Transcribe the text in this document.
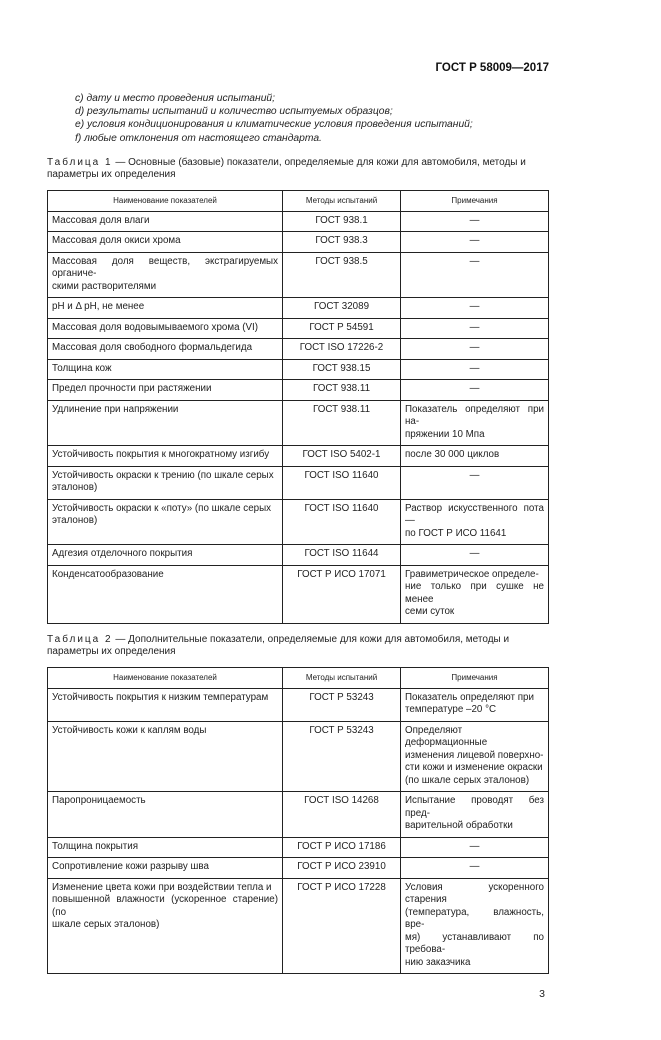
ГОСТ Р 58009—2017
c) дату и место проведения испытаний;
d) результаты испытаний и количество испытуемых образцов;
e) условия кондиционирования и климатические условия проведения испытаний;
f) любые отклонения от настоящего стандарта.
Таблица 1 — Основные (базовые) показатели, определяемые для кожи для автомобиля, методы и параметры их определения
Наименование показателей	Методы испытаний	Примечания
Массовая доля влаги	ГОСТ 938.1	—
Массовая доля окиси хрома	ГОСТ 938.3	—
Массовая доля веществ, экстрагируемых органиче-
скими растворителями	ГОСТ 938.5	—
pH и Δ pH, не менее	ГОСТ 32089	—
Массовая доля водовымываемого хрома (VI)	ГОСТ Р 54591	—
Массовая доля свободного формальдегида	ГОСТ ISO 17226-2	—
Толщина кож	ГОСТ 938.15	—
Предел прочности при растяжении	ГОСТ 938.11	—
Удлинение при напряжении	ГОСТ 938.11	Показатель определяют при на-
пряжении 10 Мпа
Устойчивость покрытия к многократному изгибу	ГОСТ ISO 5402-1	после 30 000 циклов
Устойчивость окраски к трению (по шкале серых
эталонов)	ГОСТ ISO 11640	—
Устойчивость окраски к «поту» (по шкале серых
эталонов)	ГОСТ ISO 11640	Раствор искусственного пота —
по ГОСТ Р ИСО 11641
Адгезия отделочного покрытия	ГОСТ ISO 11644	—
Конденсатообразование	ГОСТ Р ИСО 17071	Гравиметрическое определе-
ние только при сушке не менее
семи суток
Таблица 2 — Дополнительные показатели, определяемые для кожи для автомобиля, методы и параметры их определения
Наименование показателей	Методы испытаний	Примечания
Устойчивость покрытия к низким температурам	ГОСТ Р 53243	Показатель определяют при
температуре –20 °С
Устойчивость кожи к каплям воды	ГОСТ Р 53243	Определяют деформационные
изменения лицевой поверхно-
сти кожи и изменение окраски
(по шкале серых эталонов)
Паропроницаемость	ГОСТ ISO 14268	Испытание проводят без пред-
варительной обработки
Толщина покрытия	ГОСТ Р ИСО 17186	—
Сопротивление кожи разрыву шва	ГОСТ Р ИСО 23910	—
Изменение цвета кожи при воздействии тепла и
повышенной влажности (ускоренное старение) (по
шкале серых эталонов)	ГОСТ Р ИСО 17228	Условия ускоренного старения
(температура, влажность, вре-
мя) устанавливают по требова-
нию заказчика
3
